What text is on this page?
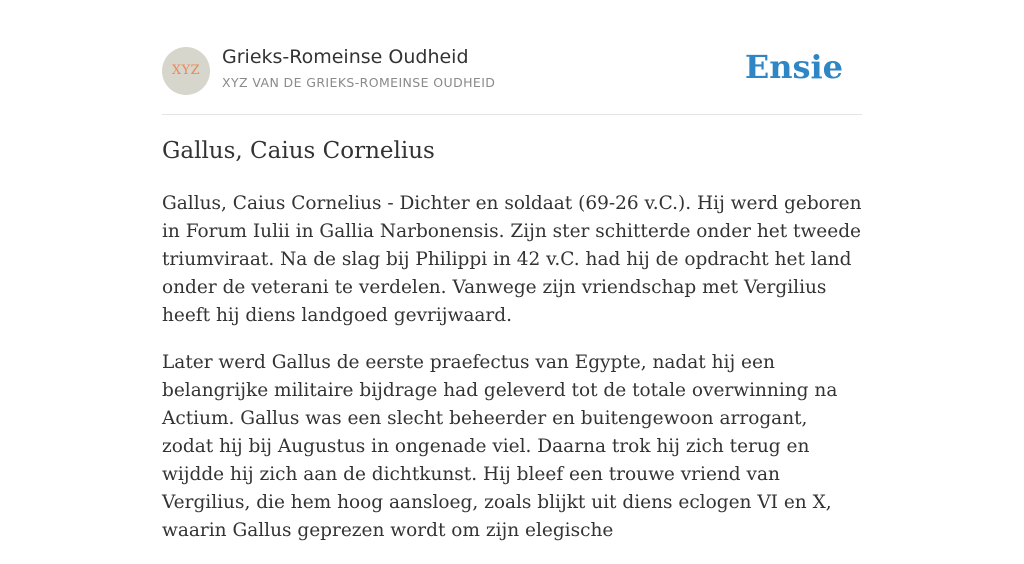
XYZ
Grieks-Romeinse Oudheid
XYZ VAN DE GRIEKS-ROMEINSE OUDHEID	Ensie
Gallus, Caius Cornelius

Gallus, Caius Cornelius - Dichter en soldaat (69-26 v.C.). Hij werd geboren in Forum Iulii in Gallia Narbonensis. Zijn ster schitterde onder het tweede triumviraat. Na de slag bij Philippi in 42 v.C. had hij de opdracht het land onder de veterani te verdelen. Vanwege zijn vriendschap met Vergilius heeft hij diens landgoed gevrijwaard.

Later werd Gallus de eerste praefectus van Egypte, nadat hij een belangrijke militaire bijdrage had geleverd tot de totale overwinning na Actium. Gallus was een slecht beheerder en buitengewoon arrogant, zodat hij bij Augustus in ongenade viel. Daarna trok hij zich terug en wijdde hij zich aan de dichtkunst. Hij bleef een trouwe vriend van Vergilius, die hem hoog aansloeg, zoals blijkt uit diens eclogen VI en X, waarin Gallus geprezen wordt om zijn elegische
